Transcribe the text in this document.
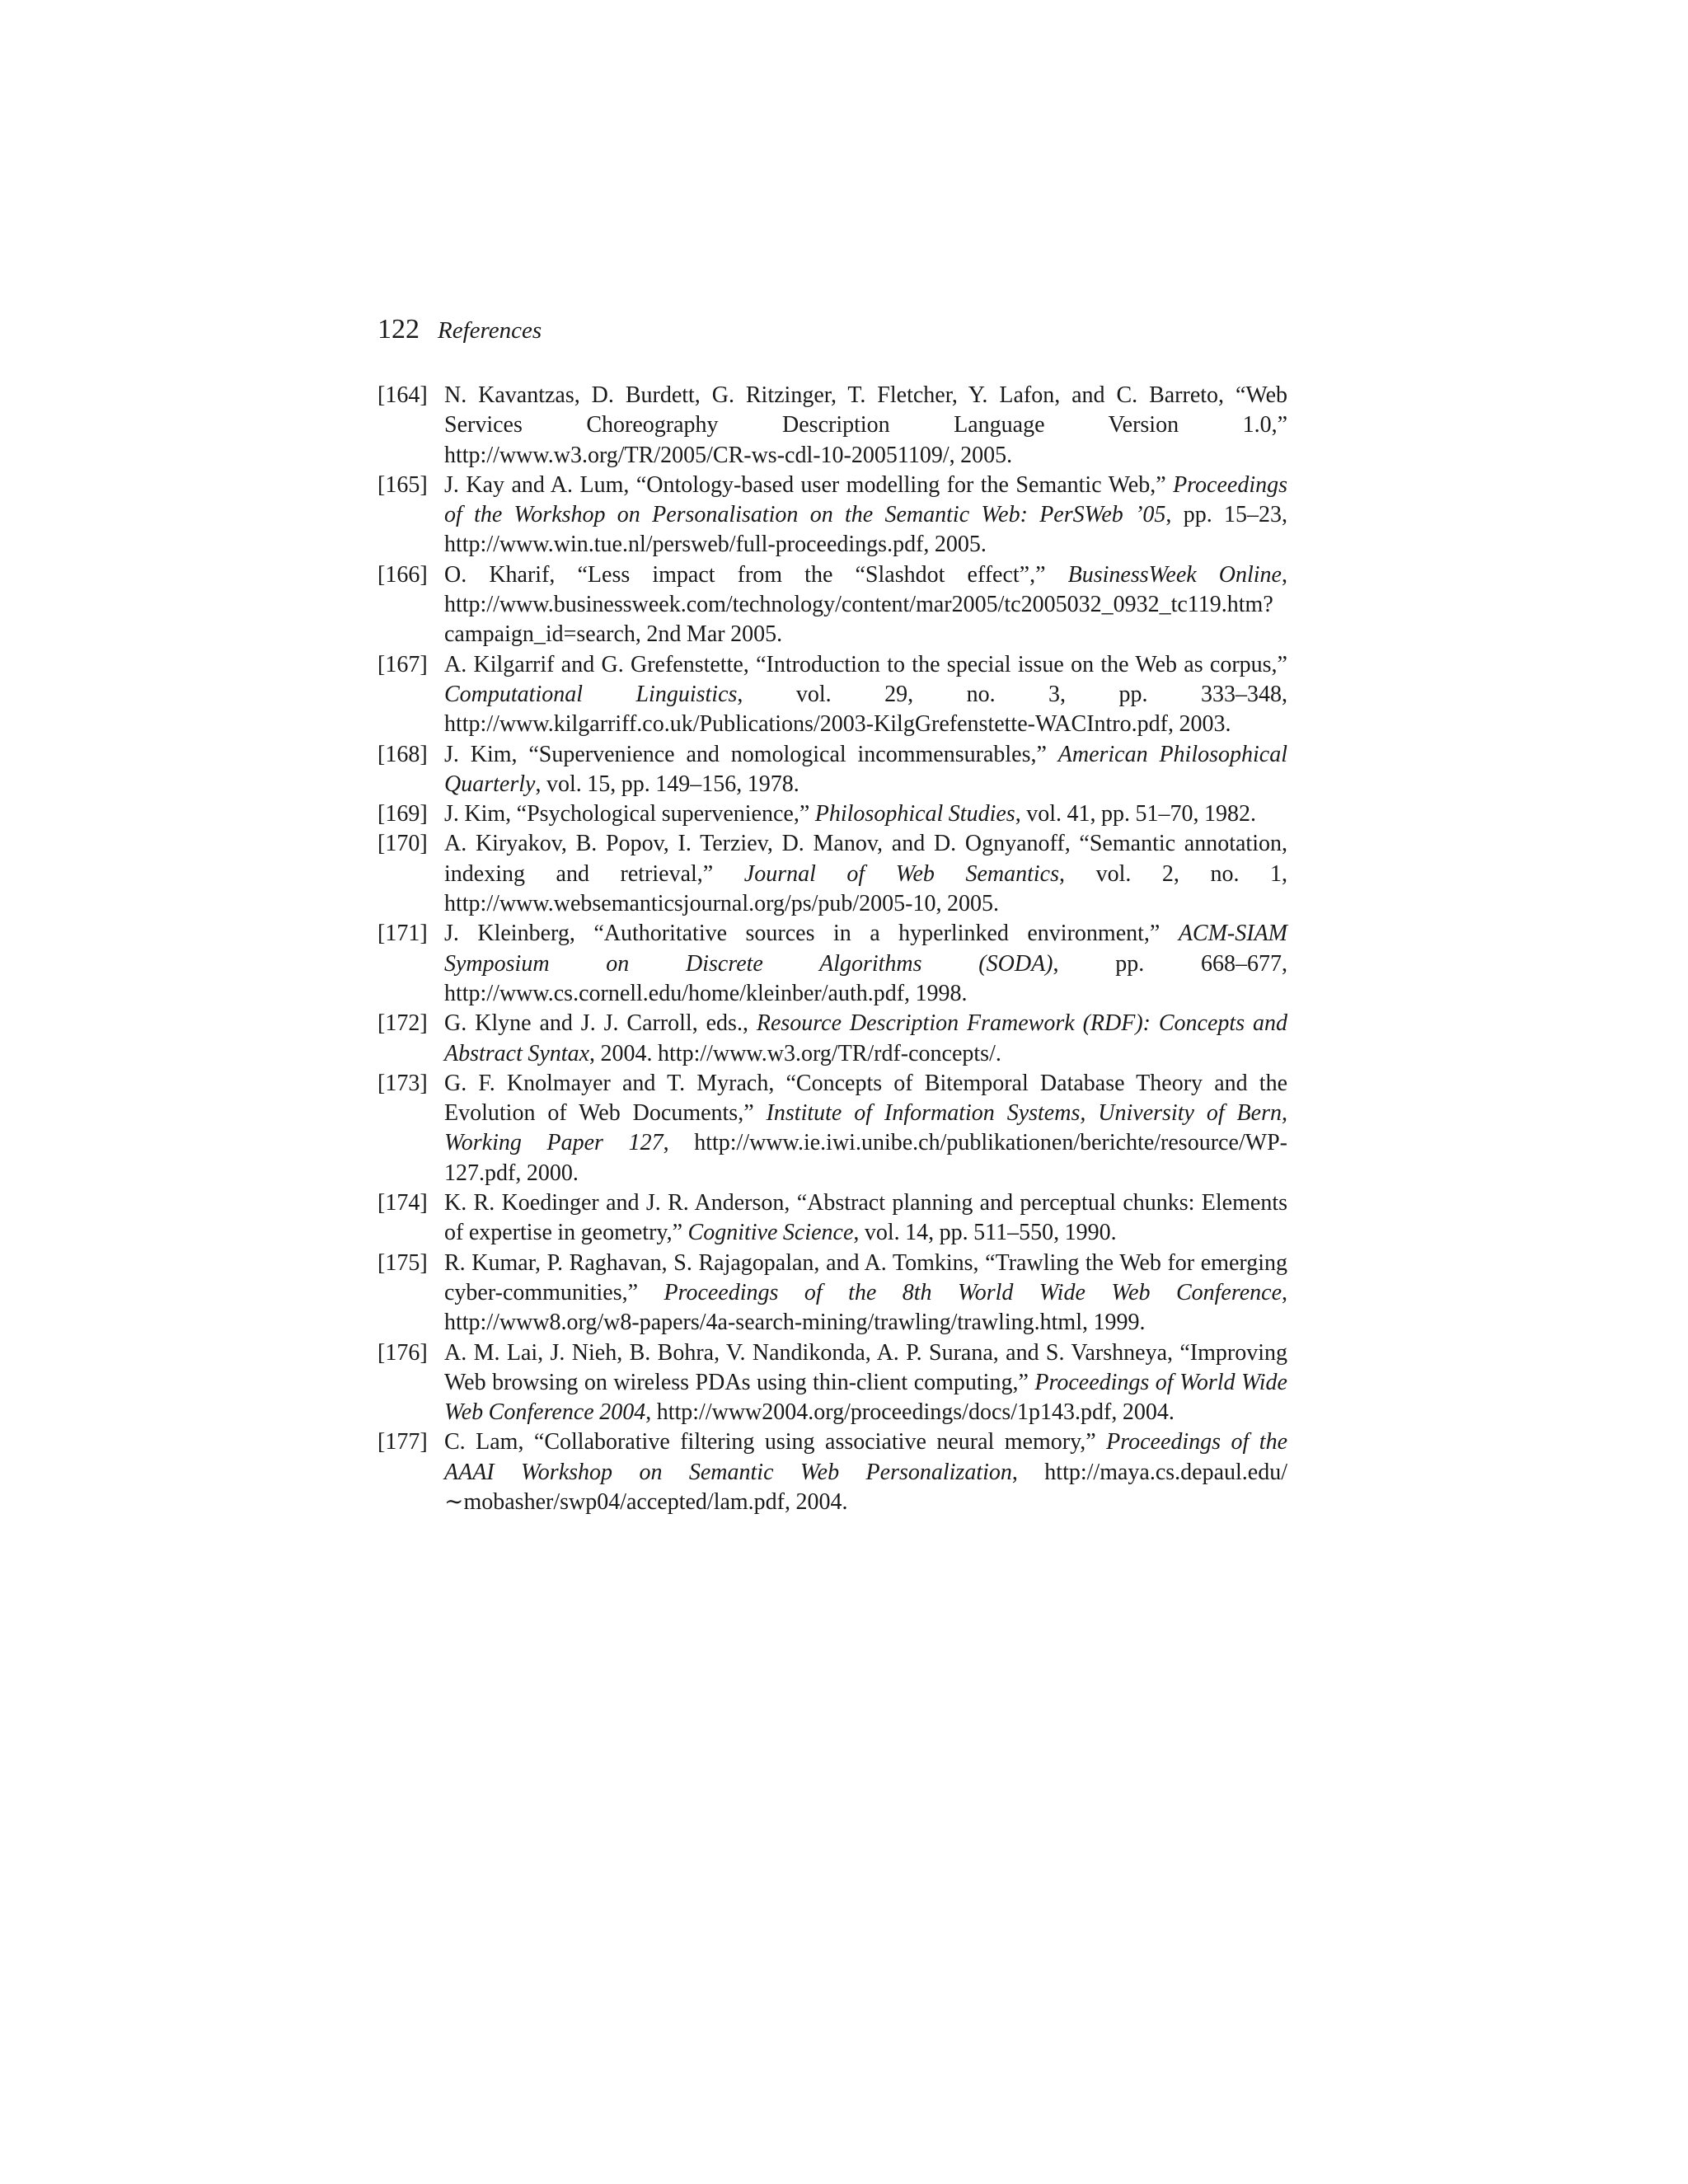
122 References
[164] N. Kavantzas, D. Burdett, G. Ritzinger, T. Fletcher, Y. Lafon, and C. Barreto, “Web Services Choreography Description Language Version 1.0,” http://www.w3.org/TR/2005/CR-ws-cdl-10-20051109/, 2005.
[165] J. Kay and A. Lum, “Ontology-based user modelling for the Semantic Web,” Proceedings of the Workshop on Personalisation on the Semantic Web: PerSWeb ’05, pp. 15–23, http://www.win.tue.nl/persweb/full-proceedings.pdf, 2005.
[166] O. Kharif, “Less impact from the “Slashdot effect”,” BusinessWeek Online, http://www.businessweek.com/technology/content/mar2005/tc2005032_0932_tc119.htm?campaign_id=search, 2nd Mar 2005.
[167] A. Kilgarrif and G. Grefenstette, “Introduction to the special issue on the Web as corpus,” Computational Linguistics, vol. 29, no. 3, pp. 333–348, http://www.kilgarriff.co.uk/Publications/2003-KilgGrefenstette-WACIntro.pdf, 2003.
[168] J. Kim, “Supervenience and nomological incommensurables,” American Philosophical Quarterly, vol. 15, pp. 149–156, 1978.
[169] J. Kim, “Psychological supervenience,” Philosophical Studies, vol. 41, pp. 51–70, 1982.
[170] A. Kiryakov, B. Popov, I. Terziev, D. Manov, and D. Ognyanoff, “Semantic annotation, indexing and retrieval,” Journal of Web Semantics, vol. 2, no. 1, http://www.websemanticsjournal.org/ps/pub/2005-10, 2005.
[171] J. Kleinberg, “Authoritative sources in a hyperlinked environment,” ACM-SIAM Symposium on Discrete Algorithms (SODA), pp. 668–677, http://www.cs.cornell.edu/home/kleinber/auth.pdf, 1998.
[172] G. Klyne and J. J. Carroll, eds., Resource Description Framework (RDF): Concepts and Abstract Syntax, 2004. http://www.w3.org/TR/rdf-concepts/.
[173] G. F. Knolmayer and T. Myrach, “Concepts of Bitemporal Database Theory and the Evolution of Web Documents,” Institute of Information Systems, University of Bern, Working Paper 127, http://www.ie.iwi.unibe.ch/publikationen/berichte/resource/WP-127.pdf, 2000.
[174] K. R. Koedinger and J. R. Anderson, “Abstract planning and perceptual chunks: Elements of expertise in geometry,” Cognitive Science, vol. 14, pp. 511–550, 1990.
[175] R. Kumar, P. Raghavan, S. Rajagopalan, and A. Tomkins, “Trawling the Web for emerging cyber-communities,” Proceedings of the 8th World Wide Web Conference, http://www8.org/w8-papers/4a-search-mining/trawling/trawling.html, 1999.
[176] A. M. Lai, J. Nieh, B. Bohra, V. Nandikonda, A. P. Surana, and S. Varshneya, “Improving Web browsing on wireless PDAs using thin-client computing,” Proceedings of World Wide Web Conference 2004, http://www2004.org/proceedings/docs/1p143.pdf, 2004.
[177] C. Lam, “Collaborative filtering using associative neural memory,” Proceedings of the AAAI Workshop on Semantic Web Personalization, http://maya.cs.depaul.edu/∼mobasher/swp04/accepted/lam.pdf, 2004.
